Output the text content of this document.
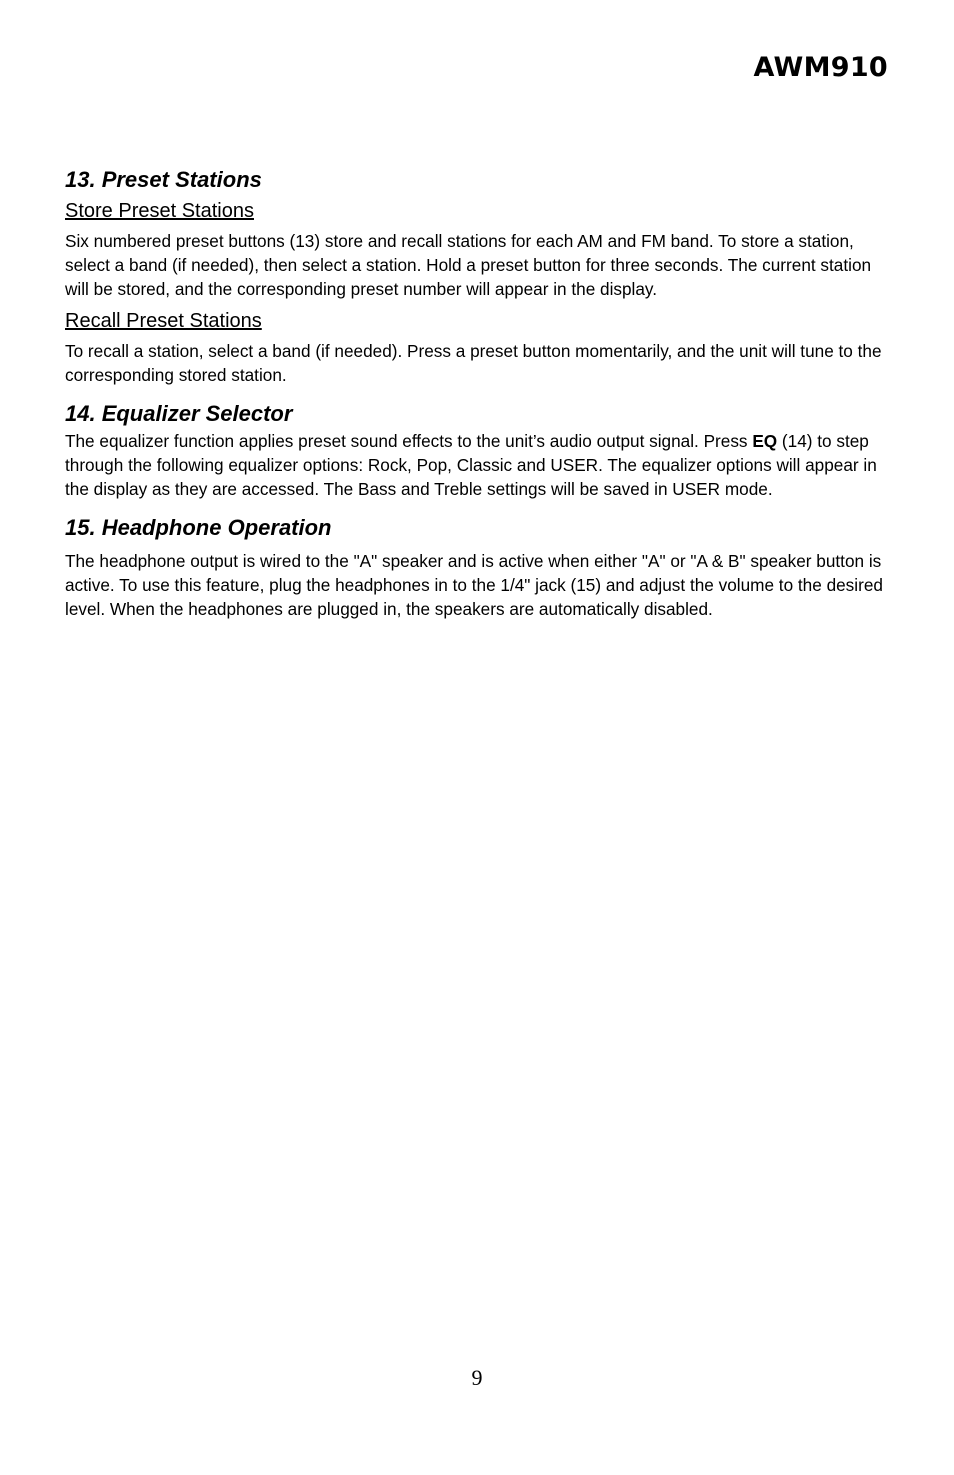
AWM910
13. Preset Stations
Store Preset Stations

Six numbered preset buttons (13) store and recall stations for each AM and FM band. To store a station, select a band (if needed), then select a station. Hold a preset button for three seconds. The current station will be stored, and the corresponding preset number will appear in the display.

Recall Preset Stations

To recall a station, select a band (if needed). Press a preset button momentarily, and the unit will tune to the corresponding stored station.

14. Equalizer Selector

The equalizer function applies preset sound effects to the unit’s audio output signal. Press EQ (14) to step through the following equalizer options: Rock, Pop, Classic and USER. The equalizer options will appear in the display as they are accessed. The Bass and Treble settings will be saved in USER mode.

15. Headphone Operation

The headphone output is wired to the "A" speaker and is active when either "A" or "A & B" speaker button is active. To use this feature, plug the headphones in to the 1/4" jack (15) and adjust the volume to the desired level. When the headphones are plugged in, the speakers are automatically disabled.

9
